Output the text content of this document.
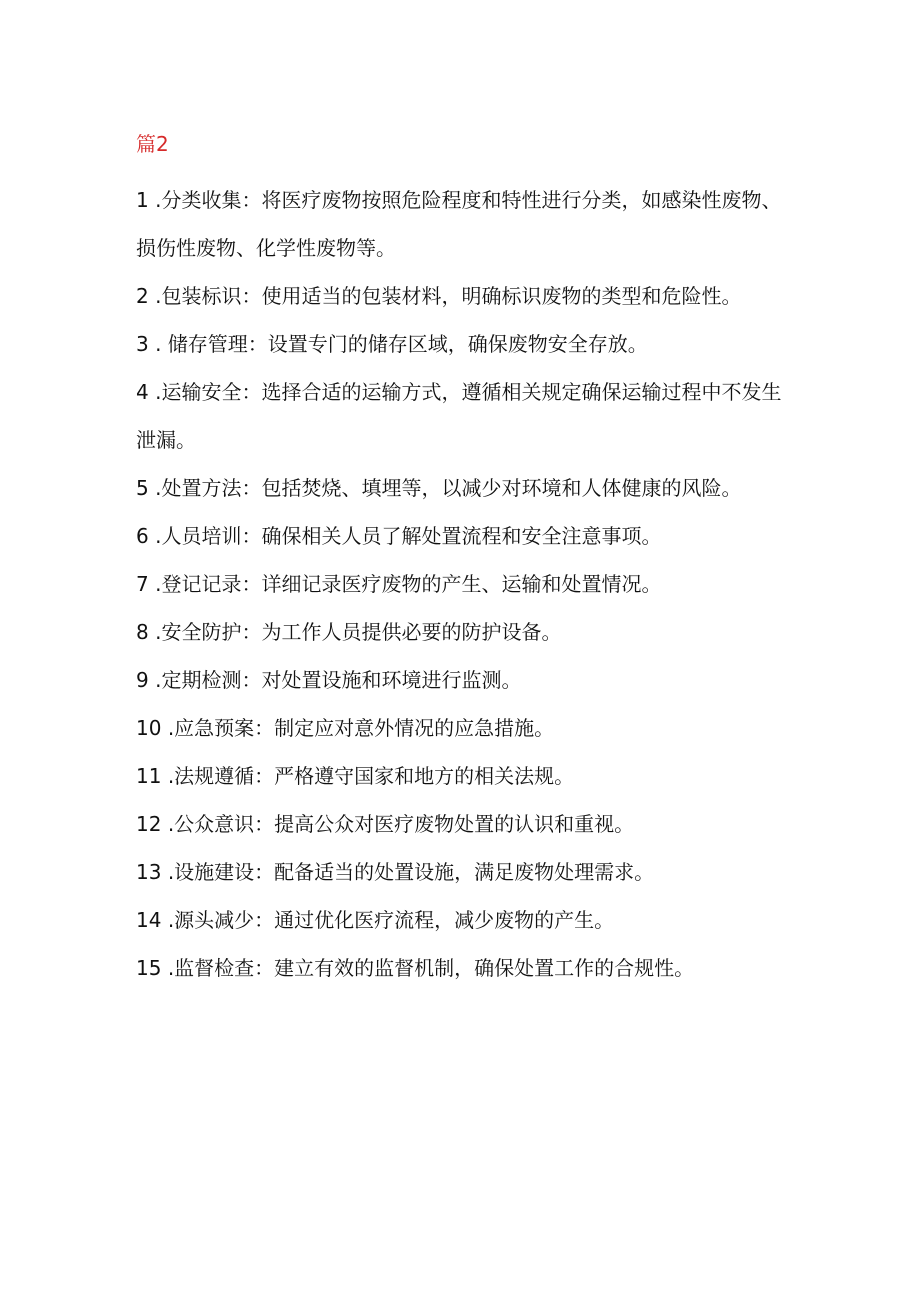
篇2
1 .分类收集：将医疗废物按照危险程度和特性进行分类，如感染性废物、损伤性废物、化学性废物等。
2 .包装标识：使用适当的包装材料，明确标识废物的类型和危险性。
3 . 储存管理：设置专门的储存区域，确保废物安全存放。
4 .运输安全：选择合适的运输方式，遵循相关规定确保运输过程中不发生泄漏。
5 .处置方法：包括焚烧、填埋等，以减少对环境和人体健康的风险。
6 .人员培训：确保相关人员了解处置流程和安全注意事项。
7 .登记记录：详细记录医疗废物的产生、运输和处置情况。
8 .安全防护：为工作人员提供必要的防护设备。
9 .定期检测：对处置设施和环境进行监测。
10 .应急预案：制定应对意外情况的应急措施。
11 .法规遵循：严格遵守国家和地方的相关法规。
12 .公众意识：提高公众对医疗废物处置的认识和重视。
13 .设施建设：配备适当的处置设施，满足废物处理需求。
14 .源头减少：通过优化医疗流程，减少废物的产生。
15 .监督检查：建立有效的监督机制，确保处置工作的合规性。
